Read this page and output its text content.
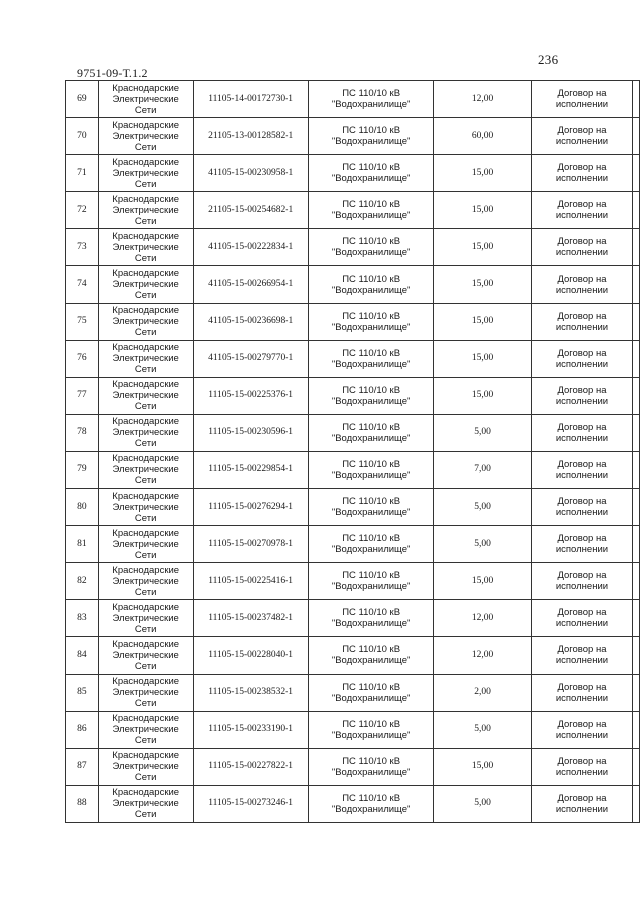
236
9751-09-Т.1.2
69	Краснодарские
Электрические
Сети	11105-14-00172730-1	ПС 110/10 кВ
"Водохранилище"	12,00	Договор на
исполнении	

70	Краснодарские
Электрические
Сети	21105-13-00128582-1	ПС 110/10 кВ
"Водохранилище"	60,00	Договор на
исполнении	

71	Краснодарские
Электрические
Сети	41105-15-00230958-1	ПС 110/10 кВ
"Водохранилище"	15,00	Договор на
исполнении	

72	Краснодарские
Электрические
Сети	21105-15-00254682-1	ПС 110/10 кВ
"Водохранилище"	15,00	Договор на
исполнении	

73	Краснодарские
Электрические
Сети	41105-15-00222834-1	ПС 110/10 кВ
"Водохранилище"	15,00	Договор на
исполнении	

74	Краснодарские
Электрические
Сети	41105-15-00266954-1	ПС 110/10 кВ
"Водохранилище"	15,00	Договор на
исполнении	

75	Краснодарские
Электрические
Сети	41105-15-00236698-1	ПС 110/10 кВ
"Водохранилище"	15,00	Договор на
исполнении	

76	Краснодарские
Электрические
Сети	41105-15-00279770-1	ПС 110/10 кВ
"Водохранилище"	15,00	Договор на
исполнении	

77	Краснодарские
Электрические
Сети	11105-15-00225376-1	ПС 110/10 кВ
"Водохранилище"	15,00	Договор на
исполнении	

78	Краснодарские
Электрические
Сети	11105-15-00230596-1	ПС 110/10 кВ
"Водохранилище"	5,00	Договор на
исполнении	

79	Краснодарские
Электрические
Сети	11105-15-00229854-1	ПС 110/10 кВ
"Водохранилище"	7,00	Договор на
исполнении	

80	Краснодарские
Электрические
Сети	11105-15-00276294-1	ПС 110/10 кВ
"Водохранилище"	5,00	Договор на
исполнении	

81	Краснодарские
Электрические
Сети	11105-15-00270978-1	ПС 110/10 кВ
"Водохранилище"	5,00	Договор на
исполнении	

82	Краснодарские
Электрические
Сети	11105-15-00225416-1	ПС 110/10 кВ
"Водохранилище"	15,00	Договор на
исполнении	

83	Краснодарские
Электрические
Сети	11105-15-00237482-1	ПС 110/10 кВ
"Водохранилище"	12,00	Договор на
исполнении	

84	Краснодарские
Электрические
Сети	11105-15-00228040-1	ПС 110/10 кВ
"Водохранилище"	12,00	Договор на
исполнении	

85	Краснодарские
Электрические
Сети	11105-15-00238532-1	ПС 110/10 кВ
"Водохранилище"	2,00	Договор на
исполнении	

86	Краснодарские
Электрические
Сети	11105-15-00233190-1	ПС 110/10 кВ
"Водохранилище"	5,00	Договор на
исполнении	

87	Краснодарские
Электрические
Сети	11105-15-00227822-1	ПС 110/10 кВ
"Водохранилище"	15,00	Договор на
исполнении	

88	Краснодарские
Электрические
Сети	11105-15-00273246-1	ПС 110/10 кВ
"Водохранилище"	5,00	Договор на
исполнении	
